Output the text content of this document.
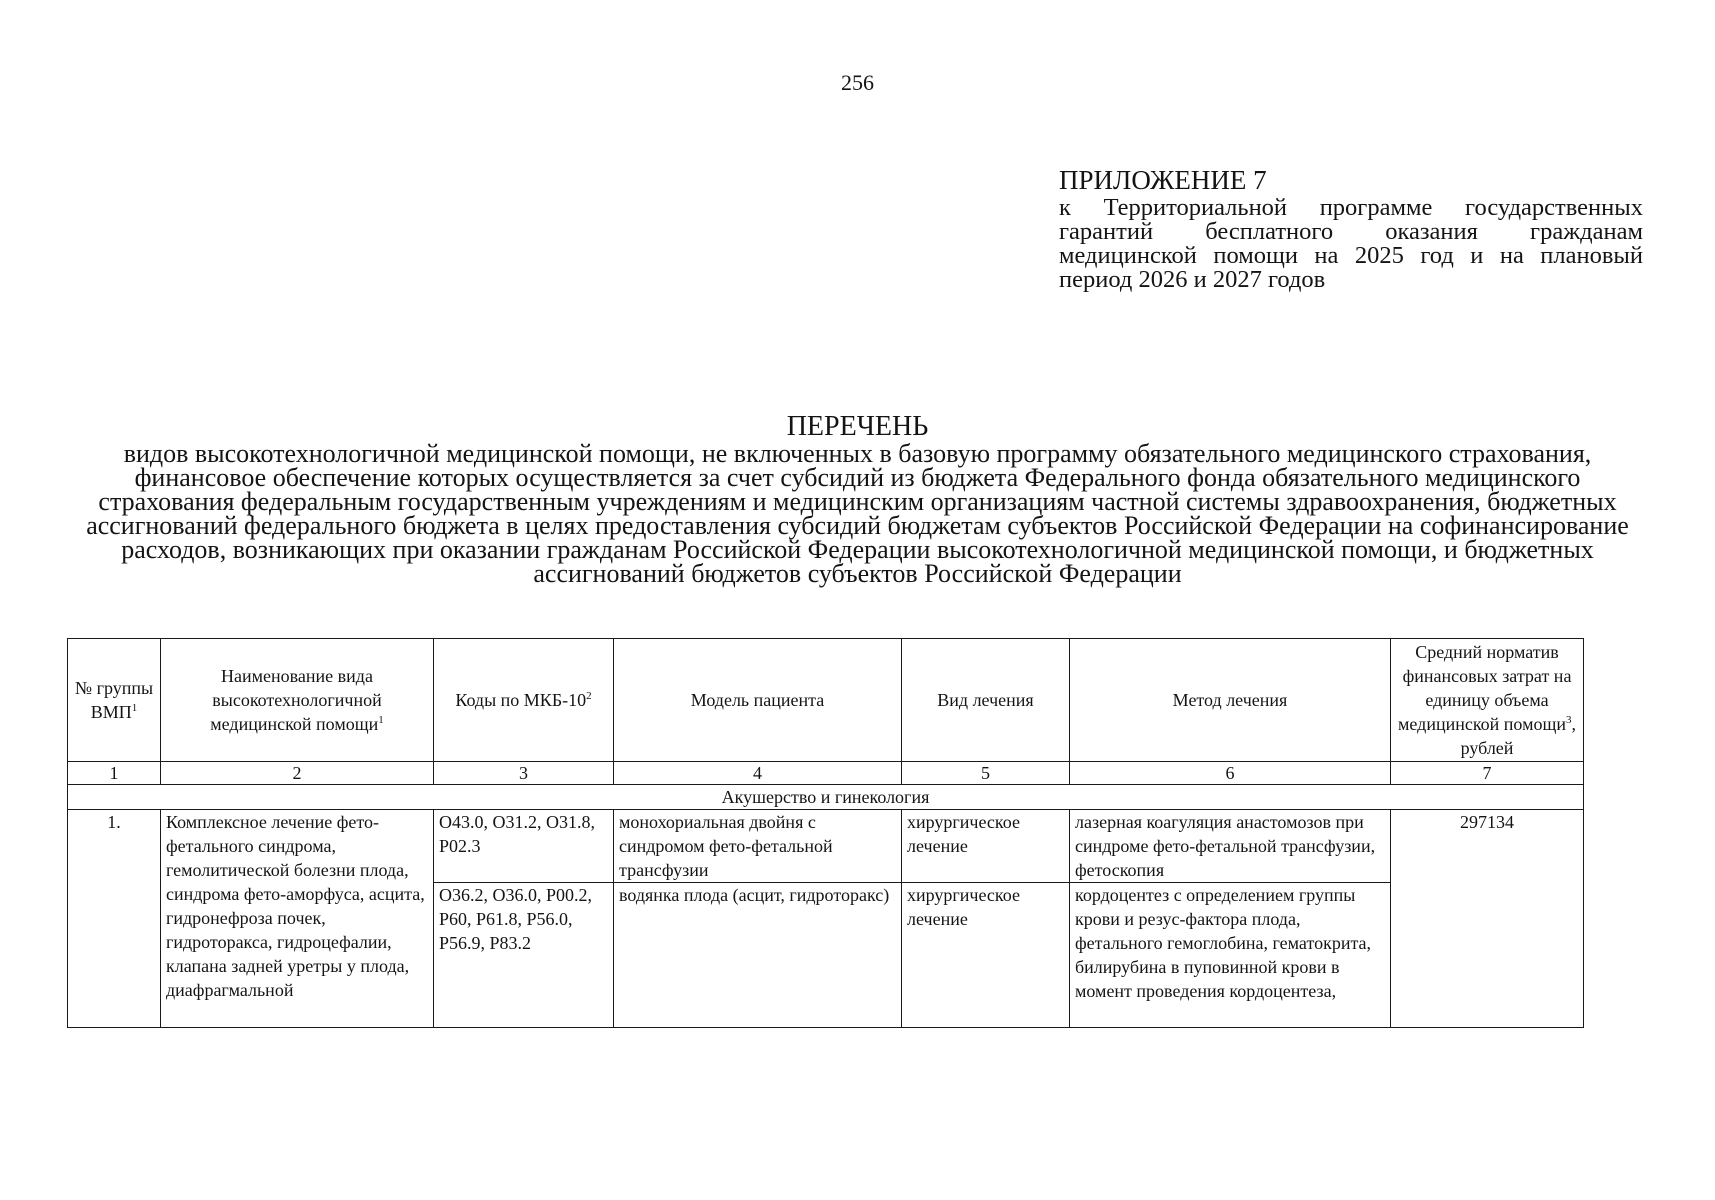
256
ПРИЛОЖЕНИЕ 7
к Территориальной программе государственных гарантий бесплатного оказания гражданам медицинской помощи на 2025 год и на плановый период 2026 и 2027 годов
ПЕРЕЧЕНЬ
видов высокотехнологичной медицинской помощи, не включенных в базовую программу обязательного медицинского страхования, финансовое обеспечение которых осуществляется за счет субсидий из бюджета Федерального фонда обязательного медицинского страхования федеральным государственным учреждениям и медицинским организациям частной системы здравоохранения, бюджетных ассигнований федерального бюджета в целях предоставления субсидий бюджетам субъектов Российской Федерации на софинансирование расходов, возникающих при оказании гражданам Российской Федерации высокотехнологичной медицинской помощи, и бюджетных ассигнований бюджетов субъектов Российской Федерации
№ группы ВМП$^1$	Наименование вида высокотехнологичной медицинской помощи$^1$	Коды по МКБ-$10^2$	Модель пациента	Вид лечения	Метод лечения	Средний норматив финансовых затрат на единицу объема медицинской помощи$^3$, рублей
1	2	3	4	5	6	7
Акушерство и гинекология						
1.	Комплексное лечение фето-фетального синдрома, гемолитической болезни плода, синдрома фето-аморфуса, асцита, гидронефроза почек, гидроторакса, гидроцефалии, клапана задней уретры у плода, диафрагмальной	O43.0, O31.2, O31.8, P02.3	монохориальная двойня с синдромом фето-фетальной трансфузии	хирургическое лечение	лазерная коагуляция анастомозов при синдроме фето-фетальной трансфузии, фетоскопия	297134
		O36.2, O36.0, P00.2, P60, P61.8, P56.0, P56.9, P83.2	водянка плода (асцит, гидроторакс)	хирургическое лечение	кордоцентез с определением группы крови и резус-фактора плода, фетального гемоглобина, гематокрита, билирубина в пуповинной крови в момент проведения кордоцентеза,	
